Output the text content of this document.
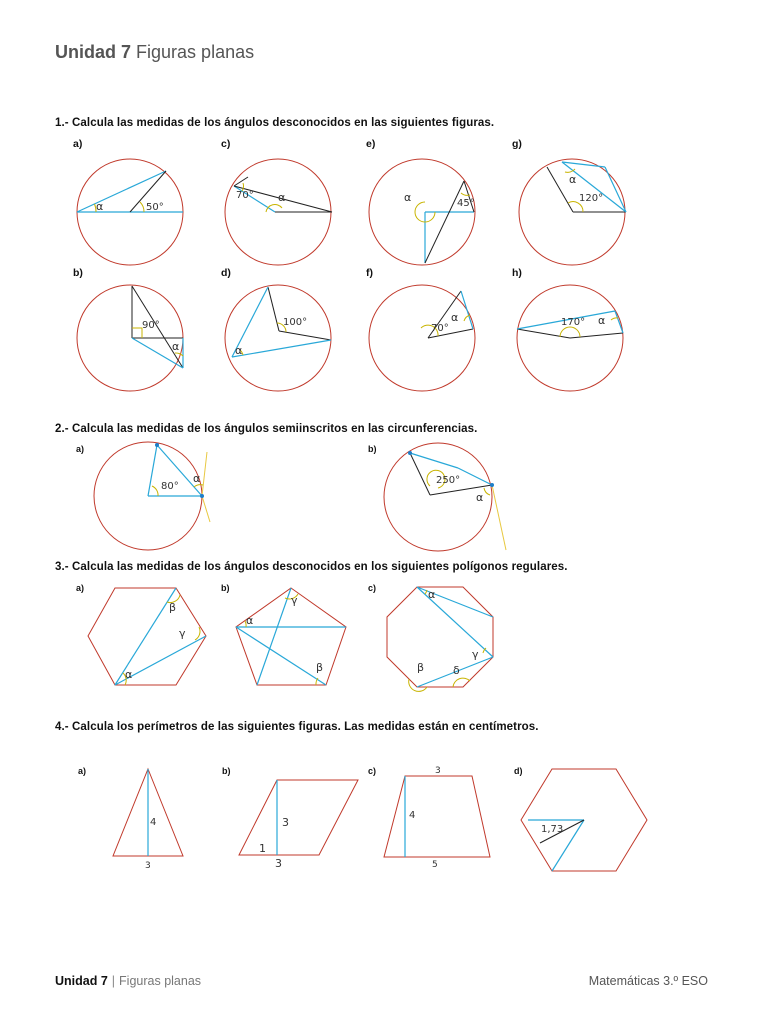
Unidad 7 Figuras planas
1.- Calcula las medidas de los ángulos desconocidos en las siguientes figuras.
a)	c)	e)	g)
b)	d)	f)	h)
α	50°
70° α	α	45°
α
120°
90°
α
100°
α
70°
α	170° α
2.- Calcula las medidas de los ángulos semiinscritos en las circunferencias.
a)	b)
80°
α	250°
α
3.- Calcula las medidas de los ángulos desconocidos en los siguientes polígonos regulares.
a)	b)	c)
β
γ
α
γ
α
β
α
γ
β	δ
4.- Calcula los perímetros de las siguientes figuras. Las medidas están en centímetros.
a)	b)	c)	d)
4
3
3
1
3
3
4
5
1,73
Unidad 7 | Figuras planas	Matemáticas 3.º ESO
